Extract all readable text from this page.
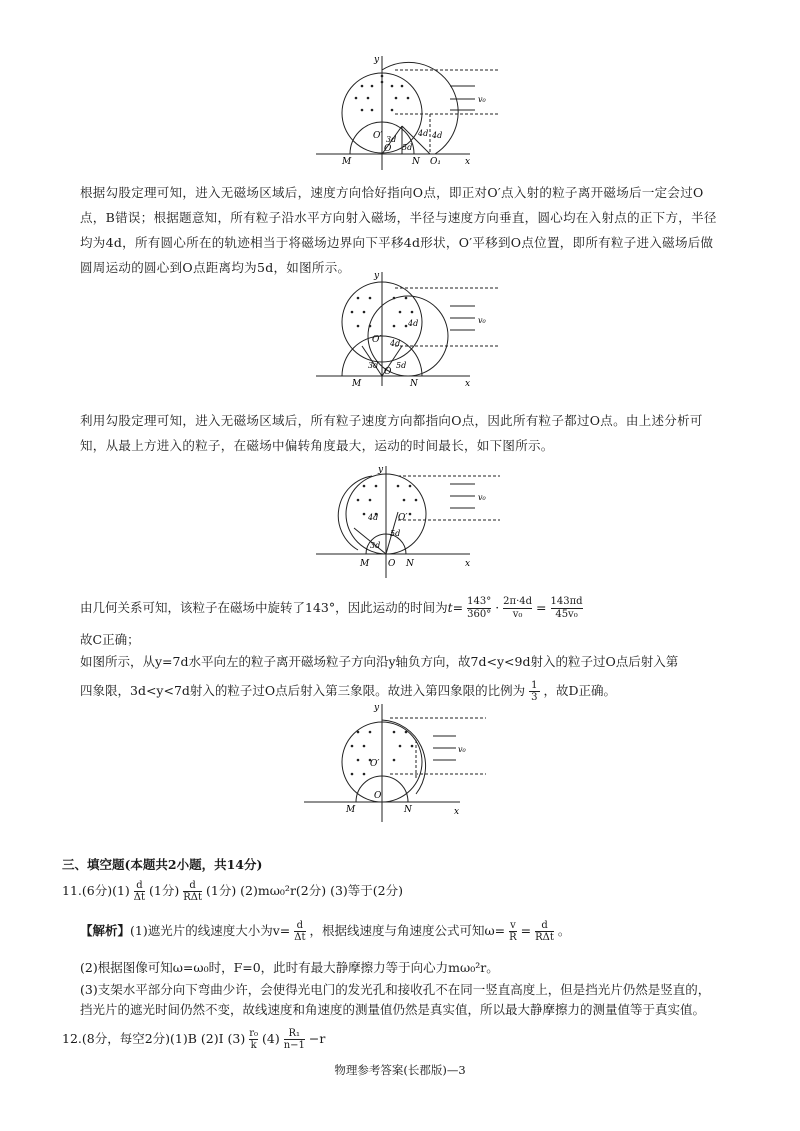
y
x
O′
O
M	N O₁
v₀
3d
4d 4d
5d
根据勾股定理可知，进入无磁场区域后，速度方向恰好指向O点，即正对O′点入射的粒子离开磁场后一定会过O点，B错误；根据题意知，所有粒子沿水平方向射入磁场，半径与速度方向垂直，圆心均在入射点的正下方，半径均为4d，所有圆心所在的轨迹相当于将磁场边界向下平移4d形状，O′平移到O点位置，即所有粒子进入磁场后做圆周运动的圆心到O点距离均为5d，如图所示。
y
x
O′
O
M	N
v₀
3d
4d
4d
5d
利用勾股定理可知，进入无磁场区域后，所有粒子速度方向都指向O点，因此所有粒子都过O点。由上述分析可知，从最上方进入的粒子，在磁场中偏转角度最大，运动的时间最长，如下图所示。
y
x
O′
O
M	N
v₀
3d
4d
5d
由几何关系可知，该粒子在磁场中旋转了143°，因此运动的时间为$t= \frac{143^\circ}{360^\circ} \cdot \frac{2\pi\cdot 4d}{\text{v₀}} = \frac{143\pi d}{\text{45v₀}}$
故C正确；
如图所示，从y=7d水平向左的粒子离开磁场粒子方向沿y轴负方向，故7d<y<9d射入的粒子过O点后射入第
四象限，3d<y<7d射入的粒子过O点后射入第三象限。故进入第四象限的比例为 $\frac{1}{3}$ ，故D正确。
y
x
O′
O
M	N
v₀
三、填空题(本题共2小题，共14分)
11.(6分)$(1) \frac{d}{\Delta t} (1$分)	d
RΔt (1分) (2)mω₀²r(2分) (3)等于(2分)
【解析】(1)遮光片的线速度大小为$v= \frac{d}{\Delta t}$ ，根据线速度与角速度公式可知$\omega= \frac{v}{R}$ =	d
RΔt 。
(2)根据图像可知ω=ω₀时，F=0，此时有最大静摩擦力等于向心力mω₀²r。
(3)支架水平部分向下弯曲少许，会使得光电门的发光孔和接收孔不在同一竖直高度上，但是挡光片仍然是竖直的，
挡光片的遮光时间仍然不变，故线速度和角速度的测量值仍然是真实值，所以最大静摩擦力的测量值等于真实值。
12.(8分，每空2分)(1)B (2)Ⅰ $(3) \frac{\text{r₀}}{k} (4) \frac{\text{R₁}}{n-1} -r$
物理参考答案(长郡版)—3
